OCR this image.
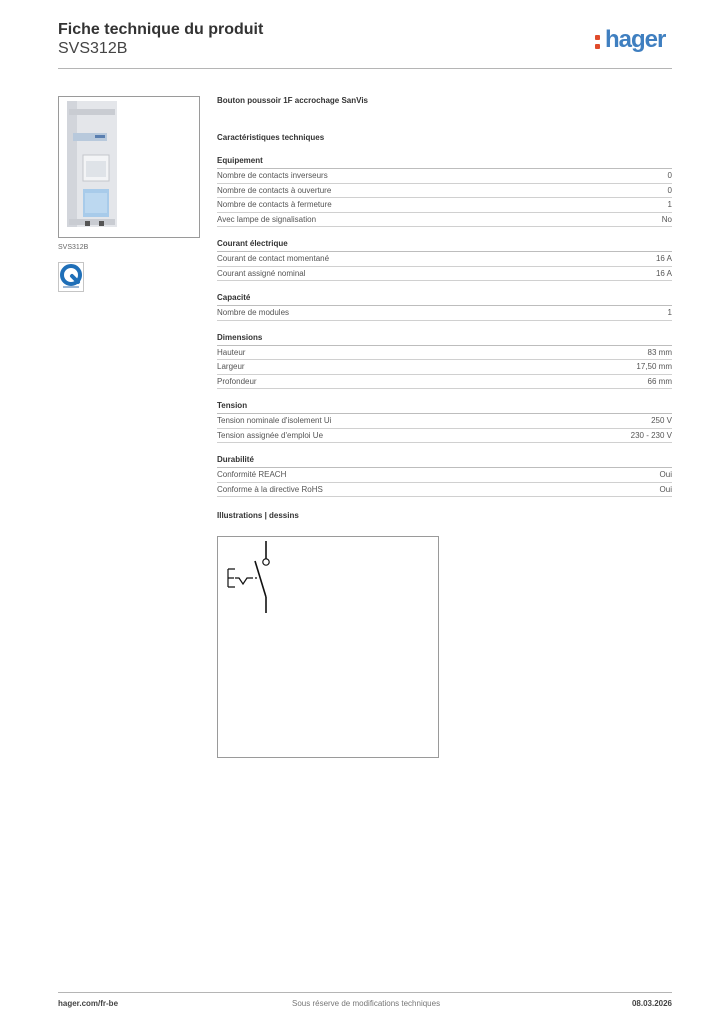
Fiche technique du produit
SVS312B	hager
SVS312B
Bouton poussoir 1F accrochage SanVis
Caractéristiques techniques
Equipement
Nombre de contacts inverseurs	0
Nombre de contacts à ouverture	0
Nombre de contacts à fermeture	1
Avec lampe de signalisation	No
Courant électrique
Courant de contact momentané	16 A
Courant assigné nominal	16 A
Capacité
Nombre de modules	1
Dimensions
Hauteur	83 mm
Largeur	17,50 mm
Profondeur	66 mm
Tension
Tension nominale d'isolement Ui	250 V
Tension assignée d'emploi Ue	230 - 230 V
Durabilité
Conformité REACH	Oui
Conforme à la directive RoHS	Oui
Illustrations | dessins
hager.com/fr-be	Sous réserve de modifications techniques	08.03.2026
